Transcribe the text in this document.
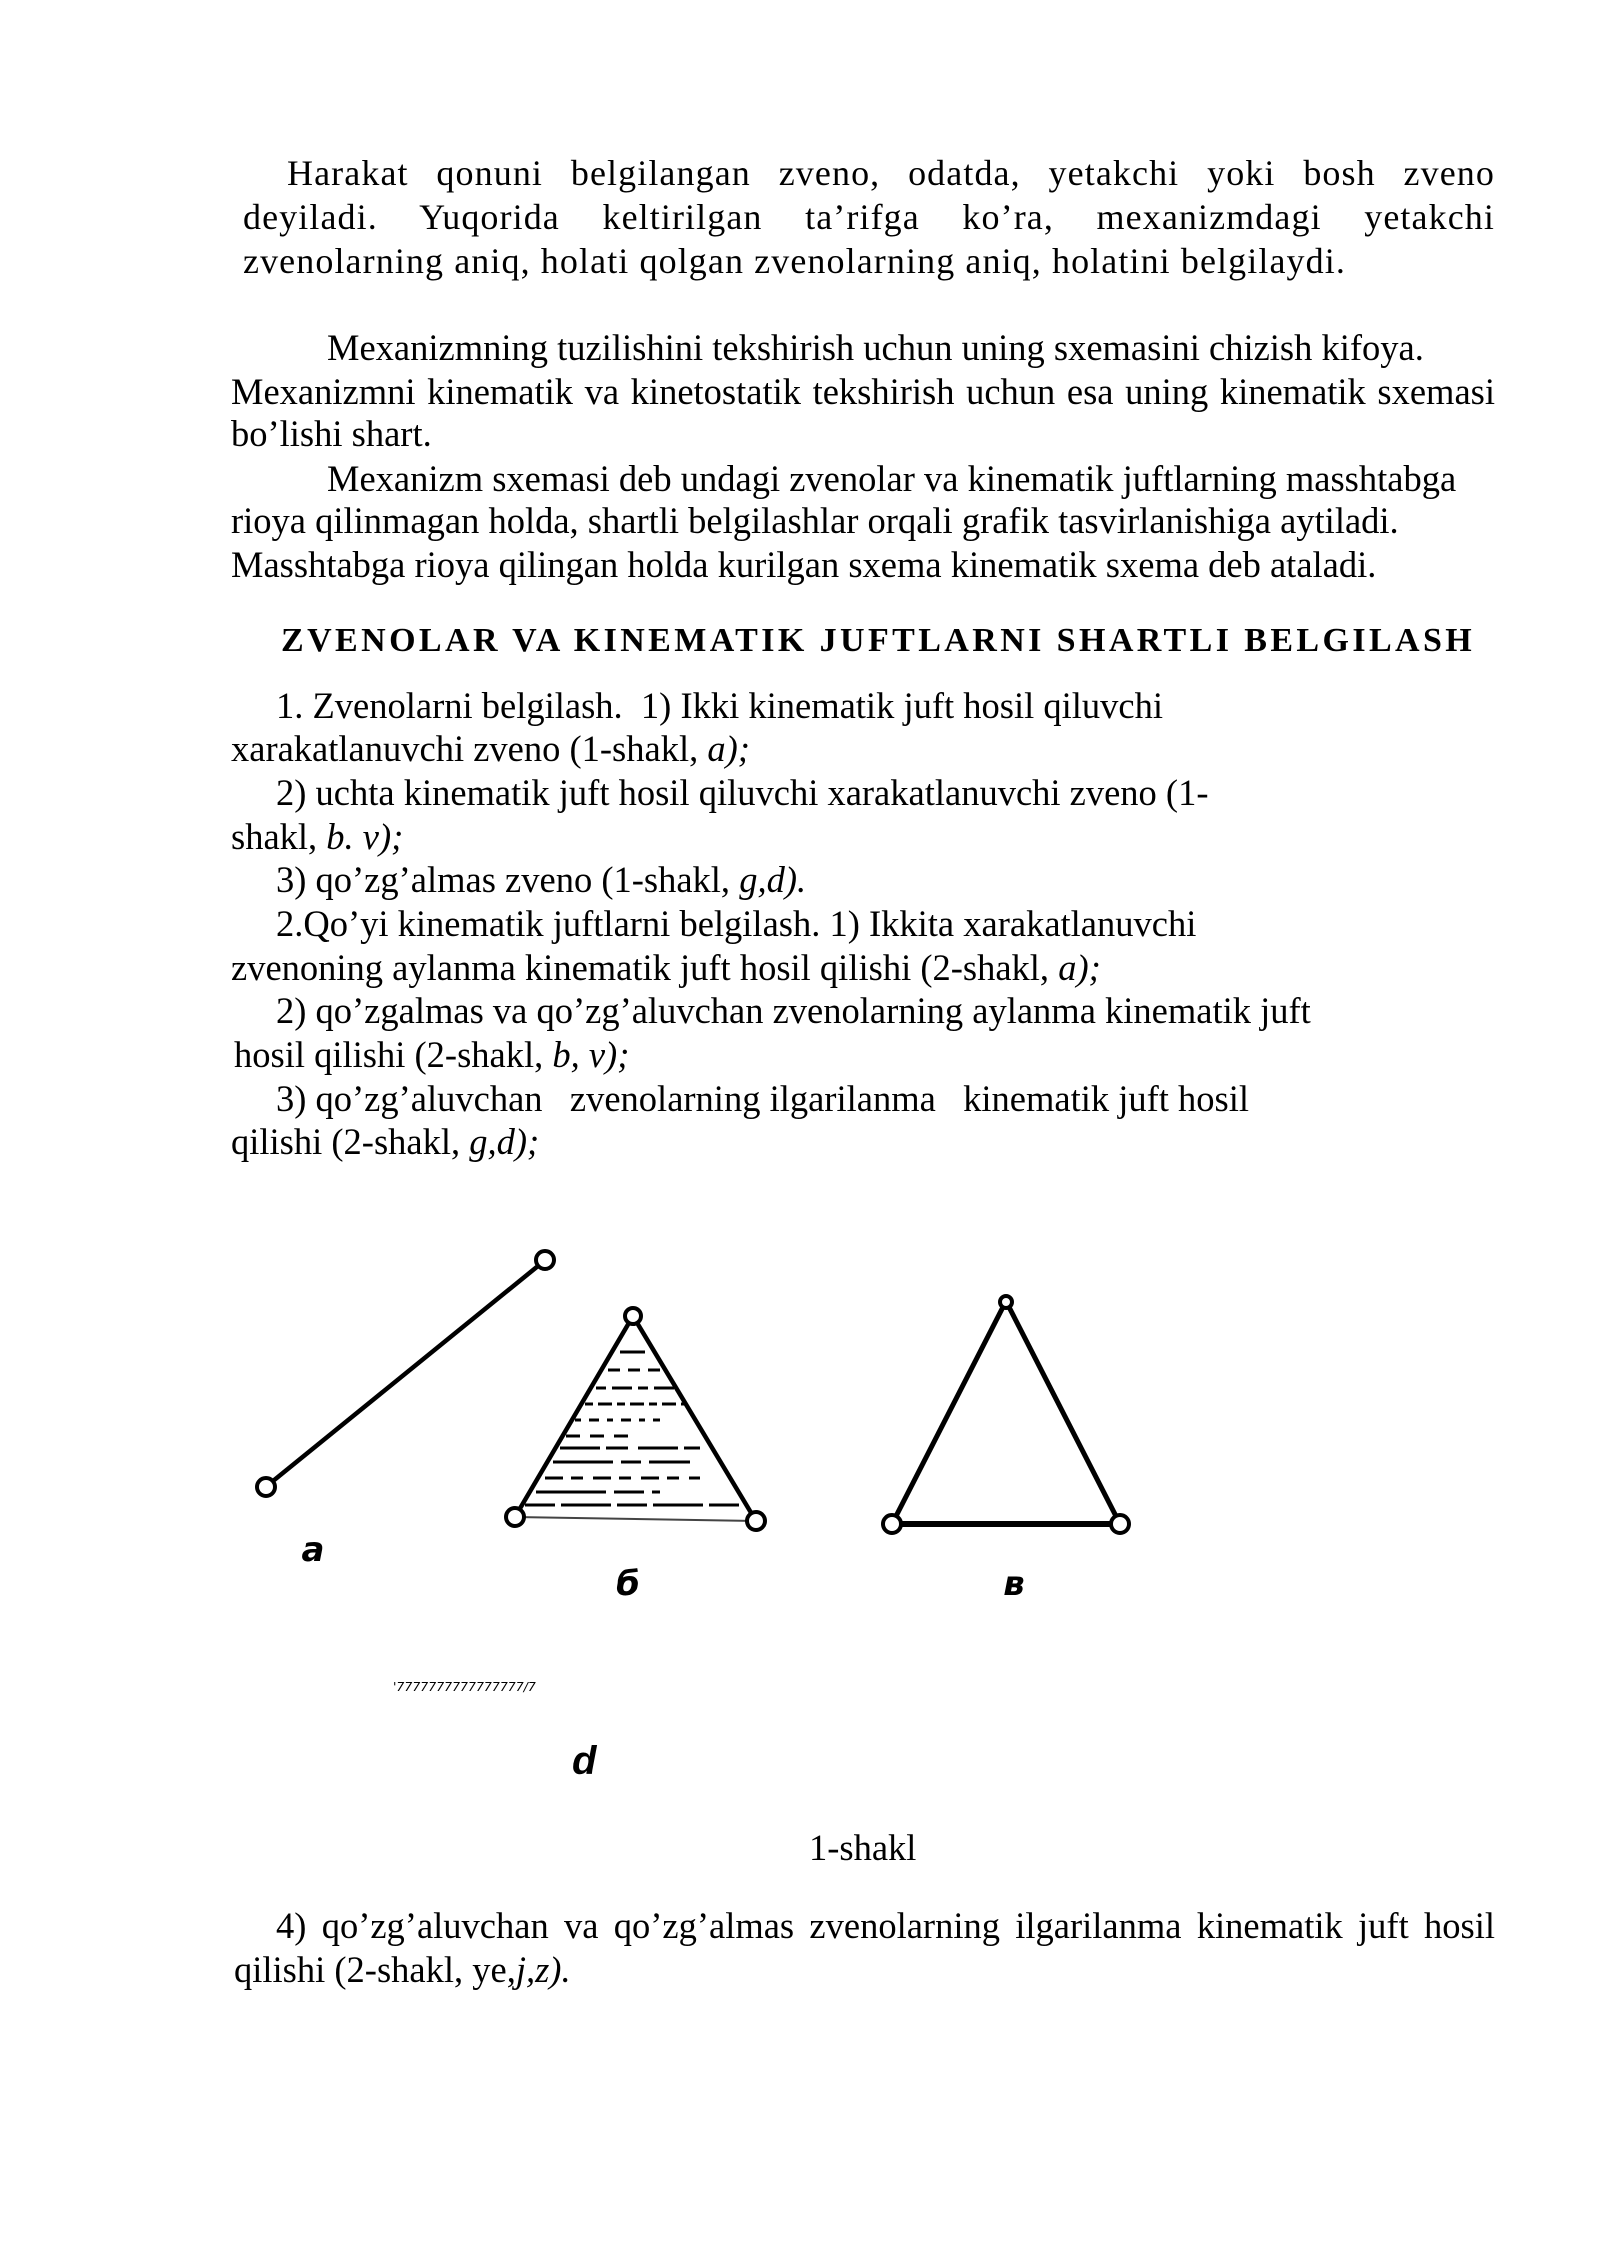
Harakat qonuni belgilangan zveno, odatda, yetakchi yoki bosh zveno
deyiladi. Yuqorida keltirilgan ta’rifga ko’ra, mexanizmdagi yetakchi
zvenolarning aniq, holati qolgan zvenolarning aniq, holatini belgilaydi.
Mexanizmning tuzilishini tekshirish uchun uning sxemasini chizish kifoya.
Mexanizmni kinematik va kinetostatik tekshirish uchun esa uning kinematik sxemasi
bo’lishi shart.
Mexanizm sxemasi deb undagi zvenolar va kinematik juftlarning masshtabga
rioya qilinmagan holda, shartli belgilashlar orqali grafik tasvirlanishiga aytiladi.
Masshtabga rioya qilingan holda kurilgan sxema kinematik sxema deb ataladi.
ZVENOLAR VA KINEMATIK JUFTLARNI SHARTLI BELGILASH
1. Zvenolarni belgilash.  1) Ikki kinematik juft hosil qiluvchi
xarakatlanuvchi zveno (1-shakl, a);
2) uchta kinematik juft hosil qiluvchi xarakatlanuvchi zveno (1-
shakl, b. v);
3) qo’zg’almas zveno (1-shakl, g,d).
2.Qo’yi kinematik juftlarni belgilash. 1) Ikkita xarakatlanuvchi
zvenoning aylanma kinematik juft hosil qilishi (2-shakl, a);
2) qo’zgalmas va qo’zg’aluvchan zvenolarning aylanma kinematik juft
hosil qilishi (2-shakl, b, v);
3) qo’zg’aluvchan   zvenolarning ilgarilanma   kinematik juft hosil
qilishi (2-shakl, g,d);
а
б	в
'7777777777777777/7
d
1-shakl
4) qo’zg’aluvchan va qo’zg’almas zvenolarning ilgarilanma kinematik juft hosil
qilishi (2-shakl, ye,j,z).
